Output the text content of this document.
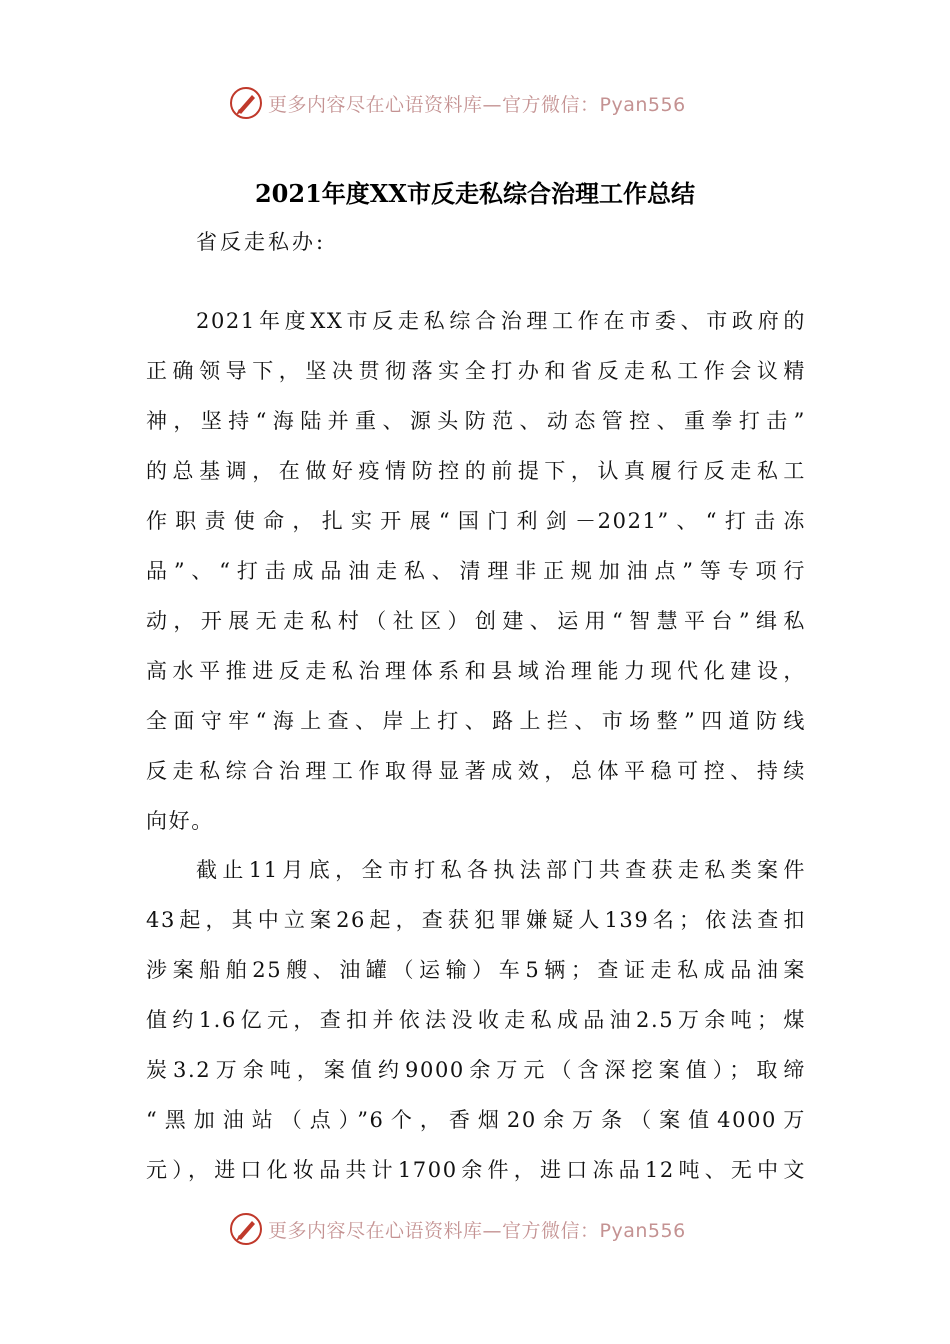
更多内容尽在心语资料库—官方微信：Pyan556
2021年度XX市反走私综合治理工作总结

省反走私办:

2021年度XX市反走私综合治理工作在市委、市政府的
正确领导下，坚决贯彻落实全打办和省反走私工作会议精
神，坚持“海陆并重、源头防范、动态管控、重拳打击”
的总基调，在做好疫情防控的前提下，认真履行反走私工
作职责使命，扎实开展“国门利剑－2021”、“打击冻
品”、“打击成品油走私、清理非正规加油点”等专项行
动，开展无走私村（社区）创建、运用“智慧平台”缉私
高水平推进反走私治理体系和县域治理能力现代化建设，
全面守牢“海上查、岸上打、路上拦、市场整”四道防线
反走私综合治理工作取得显著成效，总体平稳可控、持续
向好。

截止11月底，全市打私各执法部门共查获走私类案件
43起，其中立案26起，查获犯罪嫌疑人139名；依法查扣
涉案船舶25艘、油罐（运输）车5辆；查证走私成品油案
值约1.6亿元，查扣并依法没收走私成品油2.5万余吨；煤
炭3.2万余吨，案值约9000余万元（含深挖案值）；取缔
“黑加油站（点）”6个，香烟20余万条（案值4000万
元），进口化妆品共计1700余件，进口冻品12吨、无中文

更多内容尽在心语资料库—官方微信：Pyan556
